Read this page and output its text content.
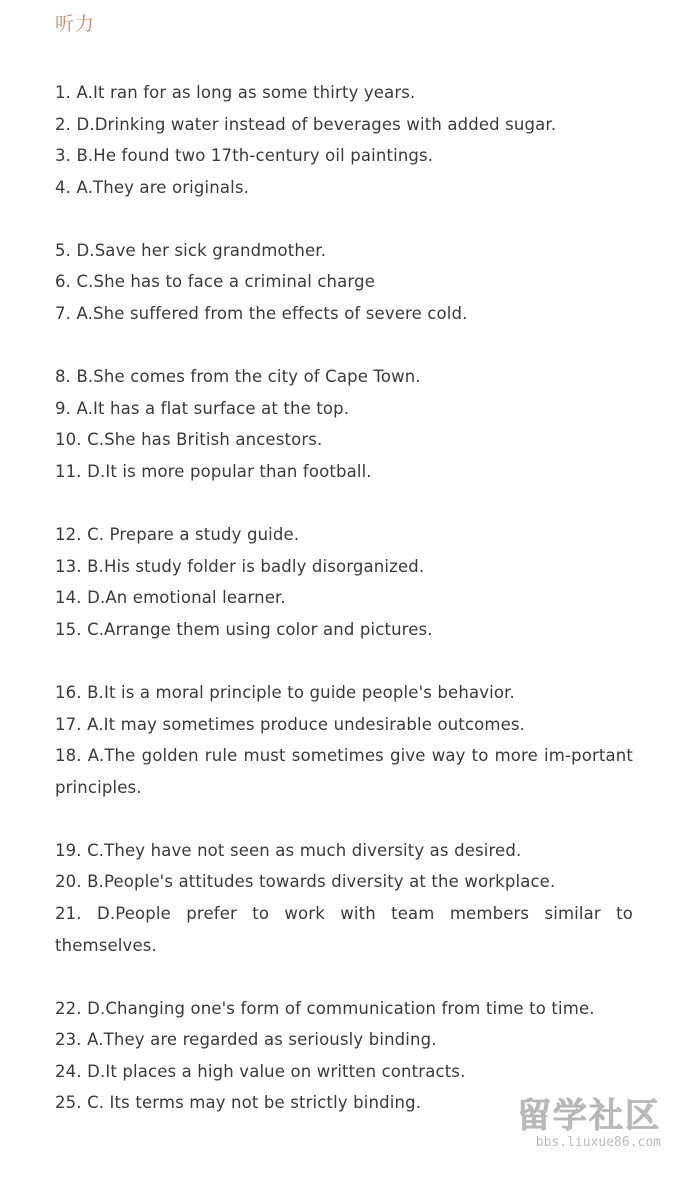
听力
1. A.It ran for as long as some thirty years.
2. D.Drinking water instead of beverages with added sugar.
3. B.He found two 17th-century oil paintings.
4. A.They are originals.
5. D.Save her sick grandmother.
6. C.She has to face a criminal charge
7. A.She suffered from the effects of severe cold.
8. B.She comes from the city of Cape Town.
9. A.It has a flat surface at the top.
10. C.She has British ancestors.
11. D.It is more popular than football.
12. C. Prepare a study guide.
13. B.His study folder is badly disorganized.
14. D.An emotional learner.
15. C.Arrange them using color and pictures.
16. B.It is a moral principle to guide people's behavior.
17. A.It may sometimes produce undesirable outcomes.
18. A.The golden rule must sometimes give way to more im-portant principles.
19. C.They have not seen as much diversity as desired.
20. B.People's attitudes towards diversity at the workplace.
21. D.People prefer to work with team members similar to themselves.
22. D.Changing one's form of communication from time to time.
23. A.They are regarded as seriously binding.
24. D.It places a high value on written contracts.
25. C. Its terms may not be strictly binding.	留学社区
bbs.liuxue86.com
